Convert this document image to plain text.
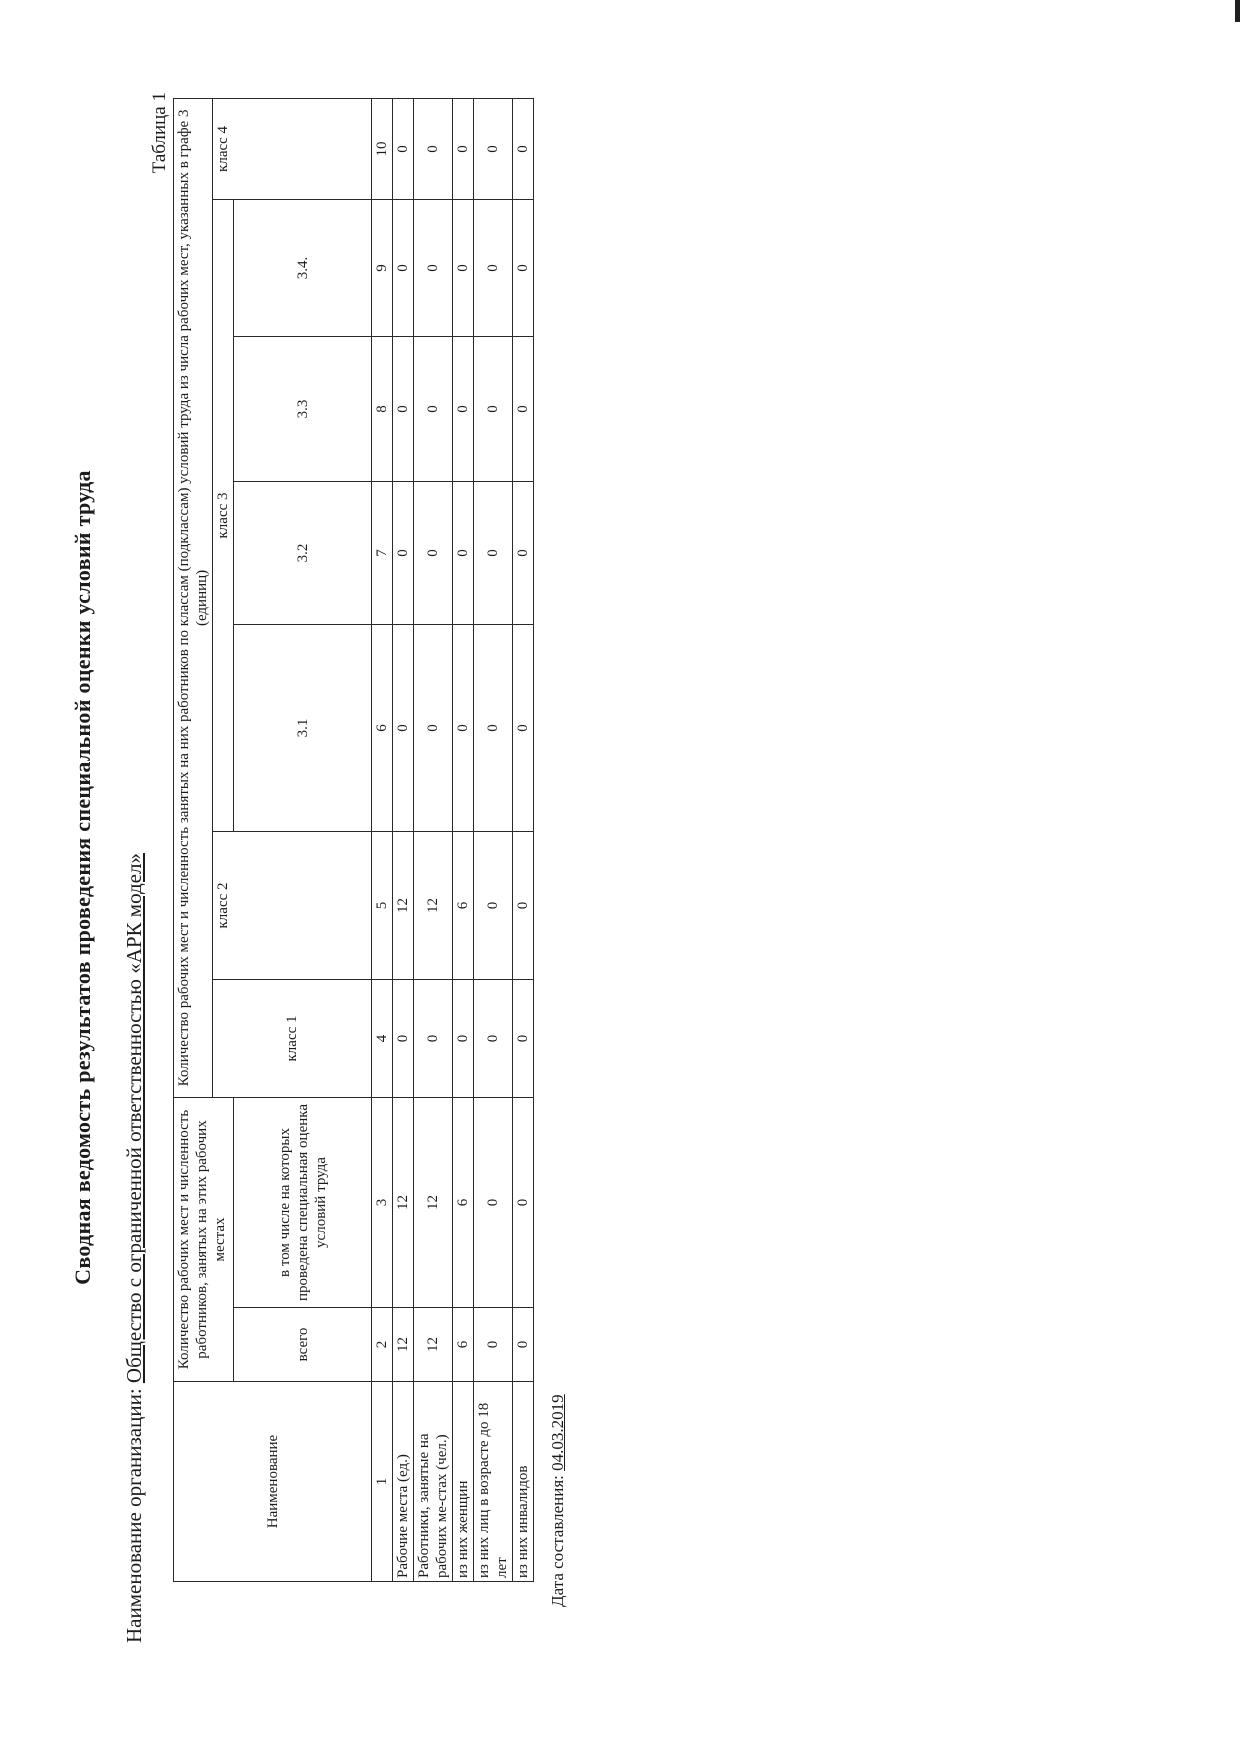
Сводная ведомость результатов проведения специальной оценки условий труда
Наименование организации: Общество с ограниченной ответственностью «АРК модел»
Таблица 1
Наименование	Количество рабочих мест и численность работников, занятых на этих рабочих местах		Количество рабочих мест и численность занятых на них работников по классам (подклассам) условий труда из числа рабочих мест, указанных в графе 3 (единиц)						
			класс 1	класс 2	класс 3				класс 4
	всего	в том числе на которых проведена специальная оценка условий труда			3.1	3.2	3.3	3.4.	
1	2	3	4	5	6	7	8	9	10
Рабочие места (ед.)	12	12	0	12	0	0	0	0	0
Работники, занятые на рабочих ме-стах (чел.)	12	12	0	12	0	0	0	0	0
из них женщин	6	6	0	6	0	0	0	0	0
из них лиц в возрасте до 18 лет	0	0	0	0	0	0	0	0	0
из них инвалидов	0	0	0	0	0	0	0	0	0
Дата составления: 04.03.2019
